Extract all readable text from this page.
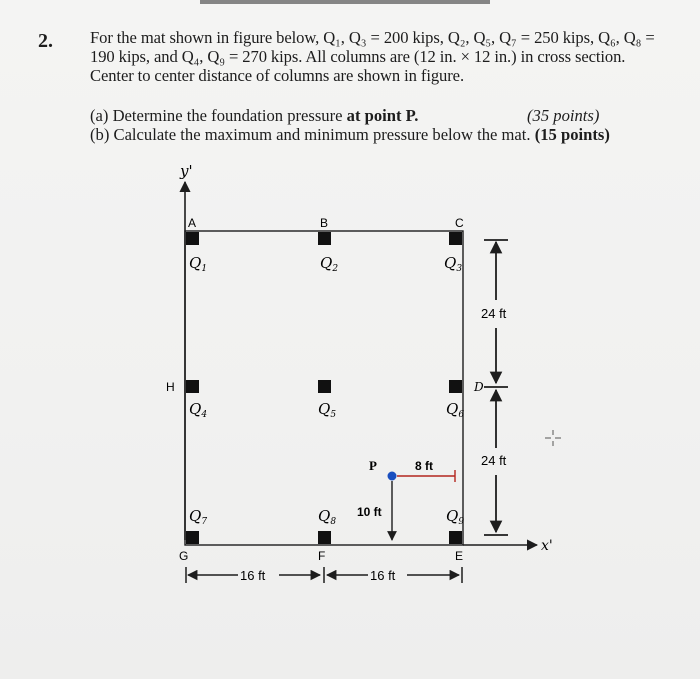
2. For the mat shown in figure below, Q₁, Q₃ = 200 kips, Q₂, Q₅, Q₇ = 250 kips, Q₆, Q₈ = 190 kips, and Q₄, Q₉ = 270 kips. All columns are (12 in. × 12 in.) in cross section. Center to center distance of columns are shown in figure.
(a) Determine the foundation pressure at point P.	(35 points)
(b) Calculate the maximum and minimum pressure below the mat. (15 points)
y'
x'
A	B	C
H	D
G	F	E
$Q_1$	$Q_2$	$Q_3$
$Q_4$	$Q_5$	$Q_6$
$Q_7$	$Q_8$	$Q_9$
24 ft
24 ft
16 ft	16 ft
P	8 ft
10 ft
